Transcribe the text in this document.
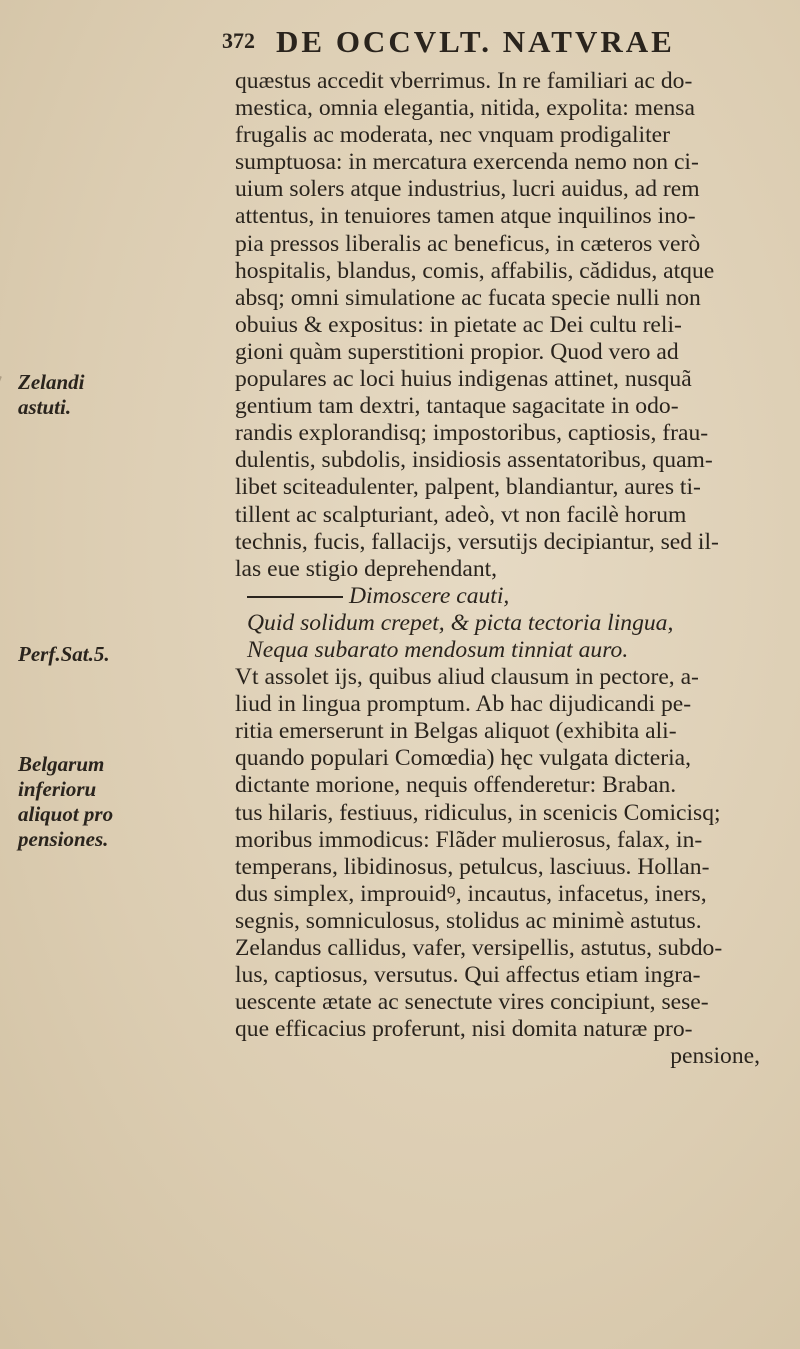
372 DE OCCVLT. NATVRAE
Zelandi
astuti.
Perf.Sat.5.
Belgarum
inferioru
aliquot pro
pensiones.
quæstus accedit vberrimus. In re familiari ac do-
mestica, omnia elegantia, nitida, expolita: mensa
frugalis ac moderata, nec vnquam prodigaliter
sumptuosa: in mercatura exercenda nemo non ci-
uium solers atque industrius, lucri auidus, ad rem
attentus, in tenuiores tamen atque inquilinos ino-
pia pressos liberalis ac beneficus, in cæteros verò
hospitalis, blandus, comis, affabilis, cădidus, atque
absq; omni simulatione ac fucata specie nulli non
obuius & expositus: in pietate ac Dei cultu reli-
gioni quàm superstitioni propior. Quod vero ad
populares ac loci huius indigenas attinet, nusquã
gentium tam dextri, tantaque sagacitate in odo-
randis explorandisq; impostoribus, captiosis, frau-
dulentis, subdolis, insidiosis assentatoribus, quam-
libet sciteadulenter, palpent, blandiantur, aures ti-
tillent ac scalpturiant, adeò, vt non facilè horum
technis, fucis, fallacijs, versutijs decipiantur, sed il-
las eue stigio deprehendant,
Dimoscere cauti,
Quid solidum crepet, & picta tectoria lingua,
Nequa subarato mendosum tinniat auro.
Vt assolet ijs, quibus aliud clausum in pectore, a-
liud in lingua promptum. Ab hac dijudicandi pe-
ritia emerserunt in Belgas aliquot (exhibita ali-
quando populari Comœdia) hęc vulgata dicteria,
dictante morione, nequis offenderetur: Braban.
tus hilaris, festiuus, ridiculus, in scenicis Comicisq;
moribus immodicus: Flãder mulierosus, falax, in-
temperans, libidinosus, petulcus, lasciuus. Hollan-
dus simplex, improuidꝰ, incautus, infacetus, iners,
segnis, somniculosus, stolidus ac minimè astutus.
Zelandus callidus, vafer, versipellis, astutus, subdo-
lus, captiosus, versutus. Qui affectus etiam ingra-
uescente ætate ac senectute vires concipiunt, sese-
que efficacius proferunt, nisi domita naturæ pro-
pensione,
